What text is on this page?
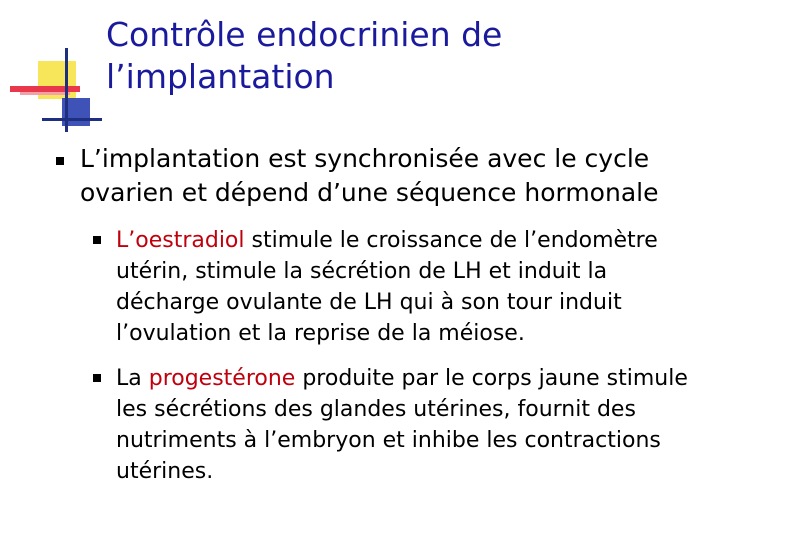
Contrôle endocrinien de
l’implantation

L’implantation est synchronisée avec le cycle
ovarien et dépend d’une séquence hormonale

L’oestradiol stimule le croissance de l’endomètre
utérin, stimule la sécrétion de LH et induit la
décharge ovulante de LH qui à son tour induit
l’ovulation et la reprise de la méiose.

La progestérone produite par le corps jaune stimule
les sécrétions des glandes utérines, fournit des
nutriments à l’embryon et inhibe les contractions
utérines.
